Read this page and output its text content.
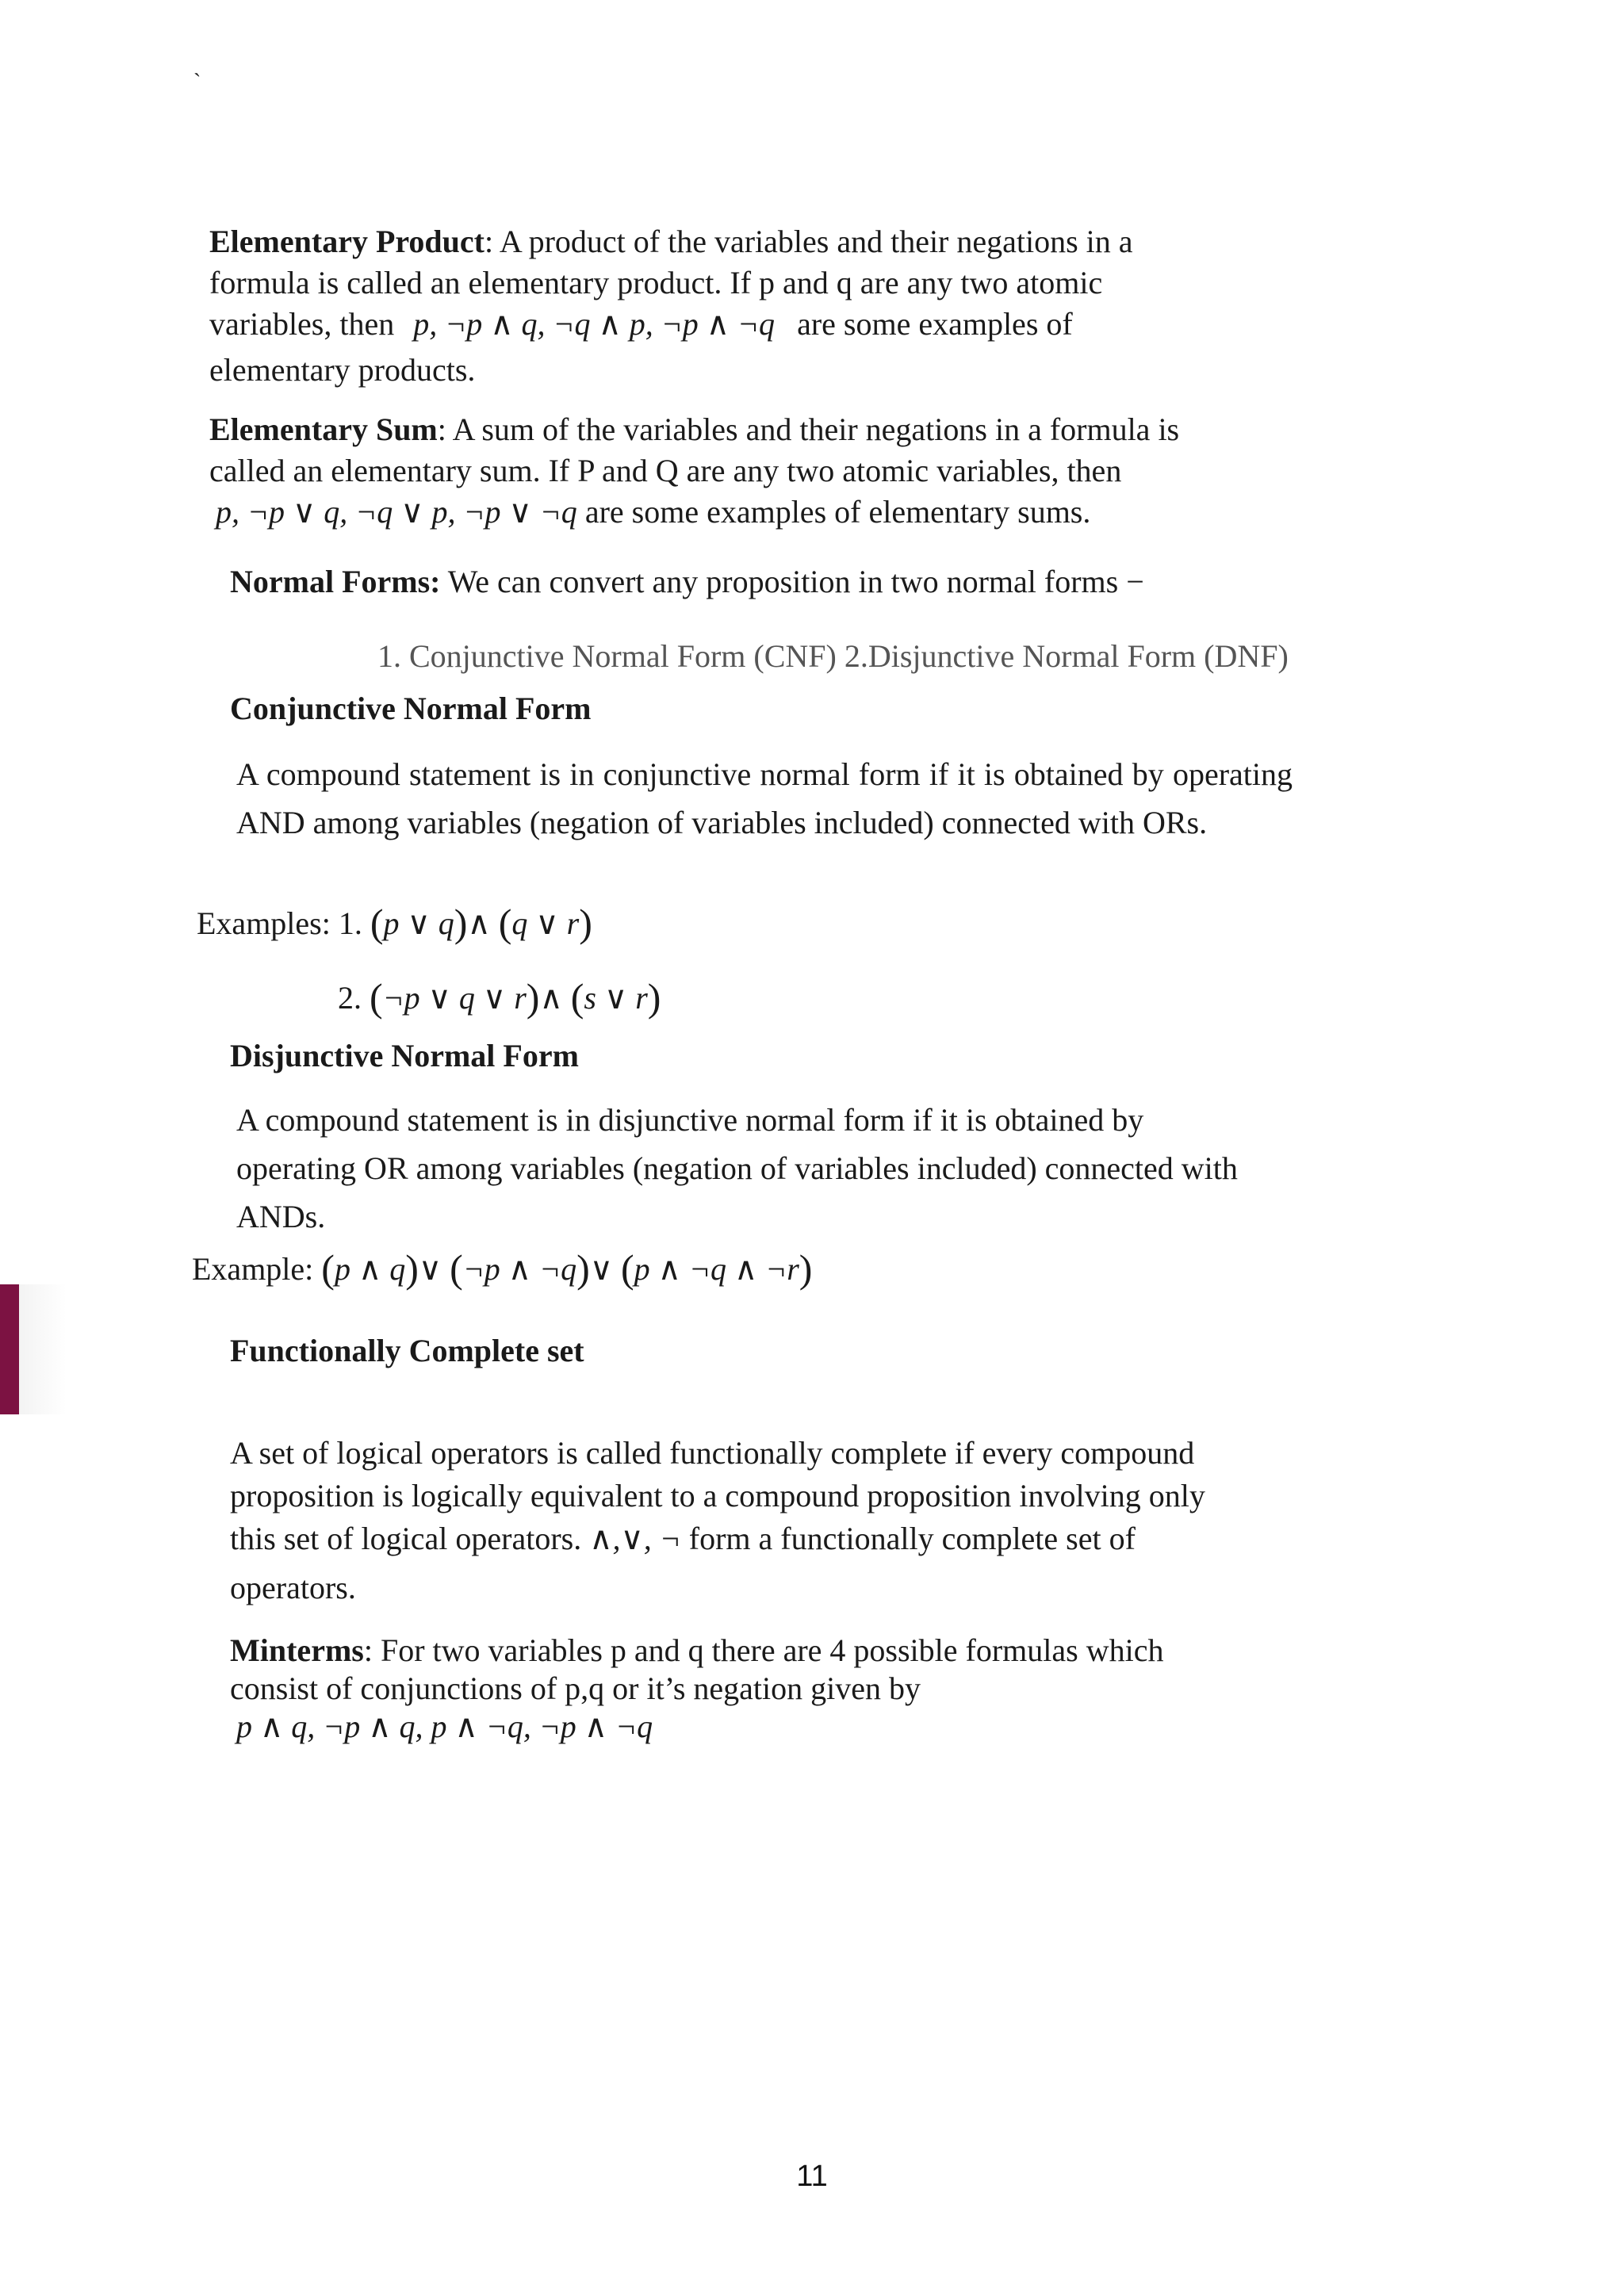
`
Elementary Product: A product of the variables and their negations in a
formula is called an elementary product. If p and q are any two atomic
variables, then p, ¬p ∧ q, ¬q ∧ p, ¬p ∧ ¬q are some examples of
elementary products.
Elementary Sum: A sum of the variables and their negations in a formula is
called an elementary sum. If P and Q are any two atomic variables, then
p, ¬p ∨ q, ¬q ∨ p, ¬p ∨ ¬q are some examples of elementary sums.
Normal Forms: We can convert any proposition in two normal forms −
1. Conjunctive Normal Form (CNF) 2.Disjunctive Normal Form (DNF)
Conjunctive Normal Form
A compound statement is in conjunctive normal form if it is obtained by operating AND among variables (negation of variables included) connected with ORs.
Examples: 1. (p ∨ q)∧ (q ∨ r)
2. (¬p ∨ q ∨ r)∧ (s ∨ r)
Disjunctive Normal Form
A compound statement is in disjunctive normal form if it is obtained by
operating OR among variables (negation of variables included) connected with
ANDs.
Example: (p ∧ q)∨ (¬p ∧ ¬q)∨ (p ∧ ¬q ∧ ¬r)
Functionally Complete set
A set of logical operators is called functionally complete if every compound
proposition is logically equivalent to a compound proposition involving only
this set of logical operators. ∧,∨, ¬ form a functionally complete set of
operators.
Minterms: For two variables p and q there are 4 possible formulas which
consist of conjunctions of p,q or it’s negation given by
p ∧ q, ¬p ∧ q, p ∧ ¬q, ¬p ∧ ¬q
11
